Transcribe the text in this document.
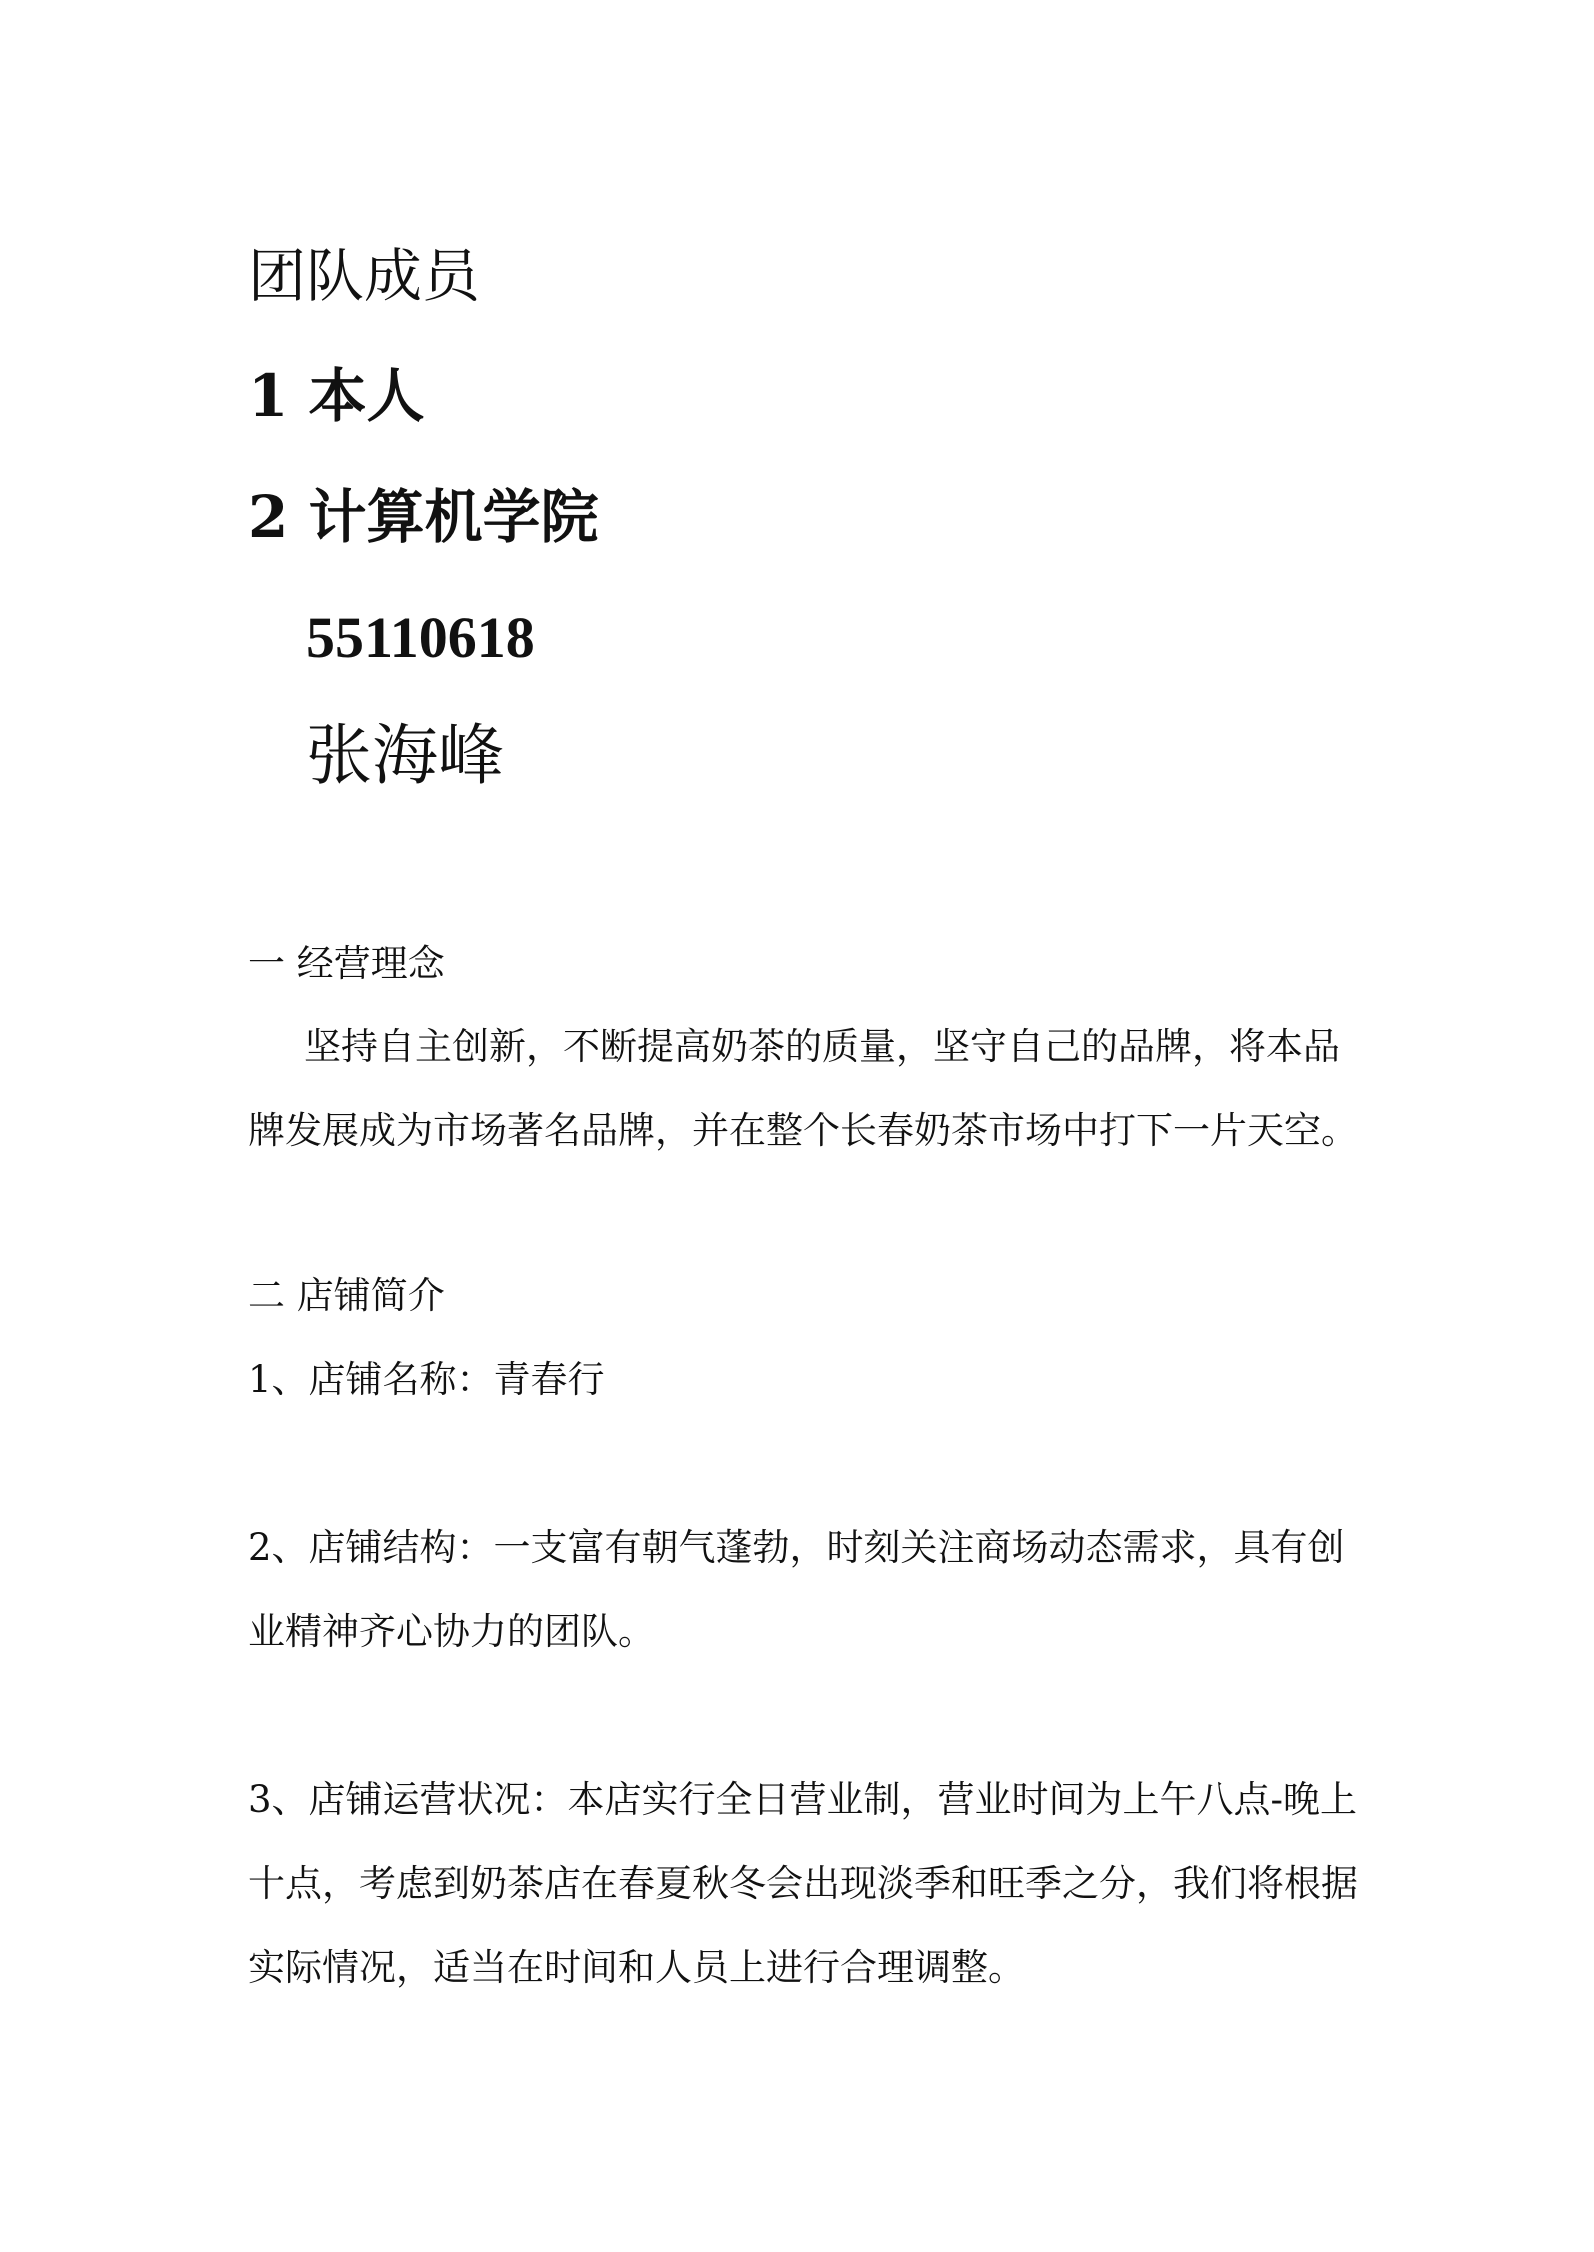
团队成员
1 本人
2 计算机学院
55110618
张海峰
一 经营理念
坚持自主创新，不断提高奶茶的质量，坚守自己的品牌，将本品
牌发展成为市场著名品牌，并在整个长春奶茶市场中打下一片天空。
二 店铺简介
1、店铺名称：青春行
2、店铺结构：一支富有朝气蓬勃，时刻关注商场动态需求，具有创
业精神齐心协力的团队。
3、店铺运营状况：本店实行全日营业制，营业时间为上午八点-晚上
十点，考虑到奶茶店在春夏秋冬会出现淡季和旺季之分，我们将根据
实际情况，适当在时间和人员上进行合理调整。
